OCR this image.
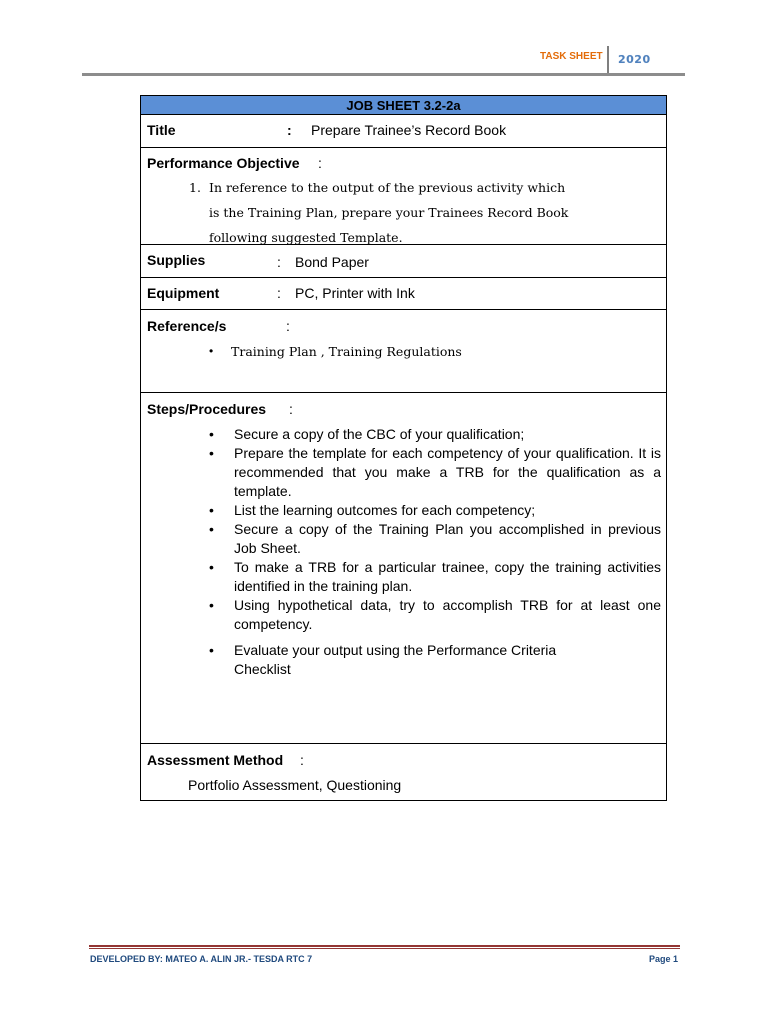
TASK SHEET 2020
JOB SHEET 3.2-2a
Title	: Prepare Trainee’s Record Book
Performance Objective :
1. In reference to the output of the previous activity which
is the Training Plan, prepare your Trainees Record Book
following suggested Template.
Supplies	: Bond Paper
Equipment	: PC, Printer with Ink
Reference/s	:
• Training Plan , Training Regulations
Steps/Procedures :
• Secure a copy of the CBC of your qualification;
• Prepare the template for each competency of your qualification. It is recommended that you make a TRB for the qualification as a template.
• List the learning outcomes for each competency;
• Secure a copy of the Training Plan you accomplished in previous Job Sheet.
• To make a TRB for a particular trainee, copy the training activities identified in the training plan.
• Using hypothetical data, try to accomplish TRB for at least one competency.
• Evaluate your output using the Performance Criteria Checklist
Assessment Method :
Portfolio Assessment, Questioning
DEVELOPED BY: MATEO A. ALIN JR.- TESDA RTC 7	Page 1
